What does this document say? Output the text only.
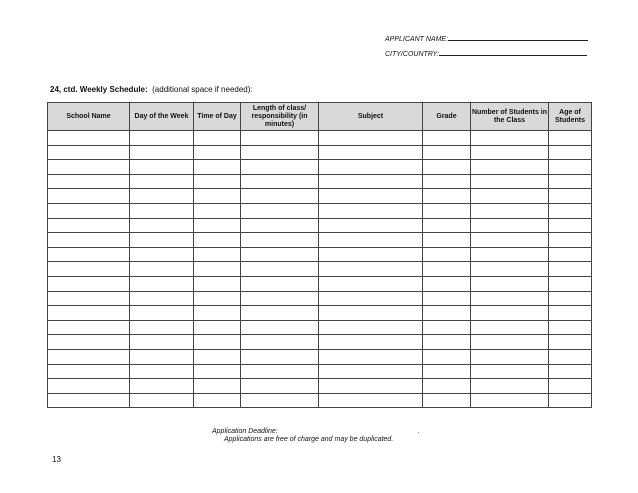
APPLICANT NAME:
CITY/COUNTRY:
24, ctd. Weekly Schedule: (additional space if needed):
School Name	Day of the Week	Time of Day	Length of class/ responsibility (in minutes)	Subject	Grade	Number of Students in the Class	Age of Students

Application Deadline:	.
Applications are free of charge and may be duplicated.
13
